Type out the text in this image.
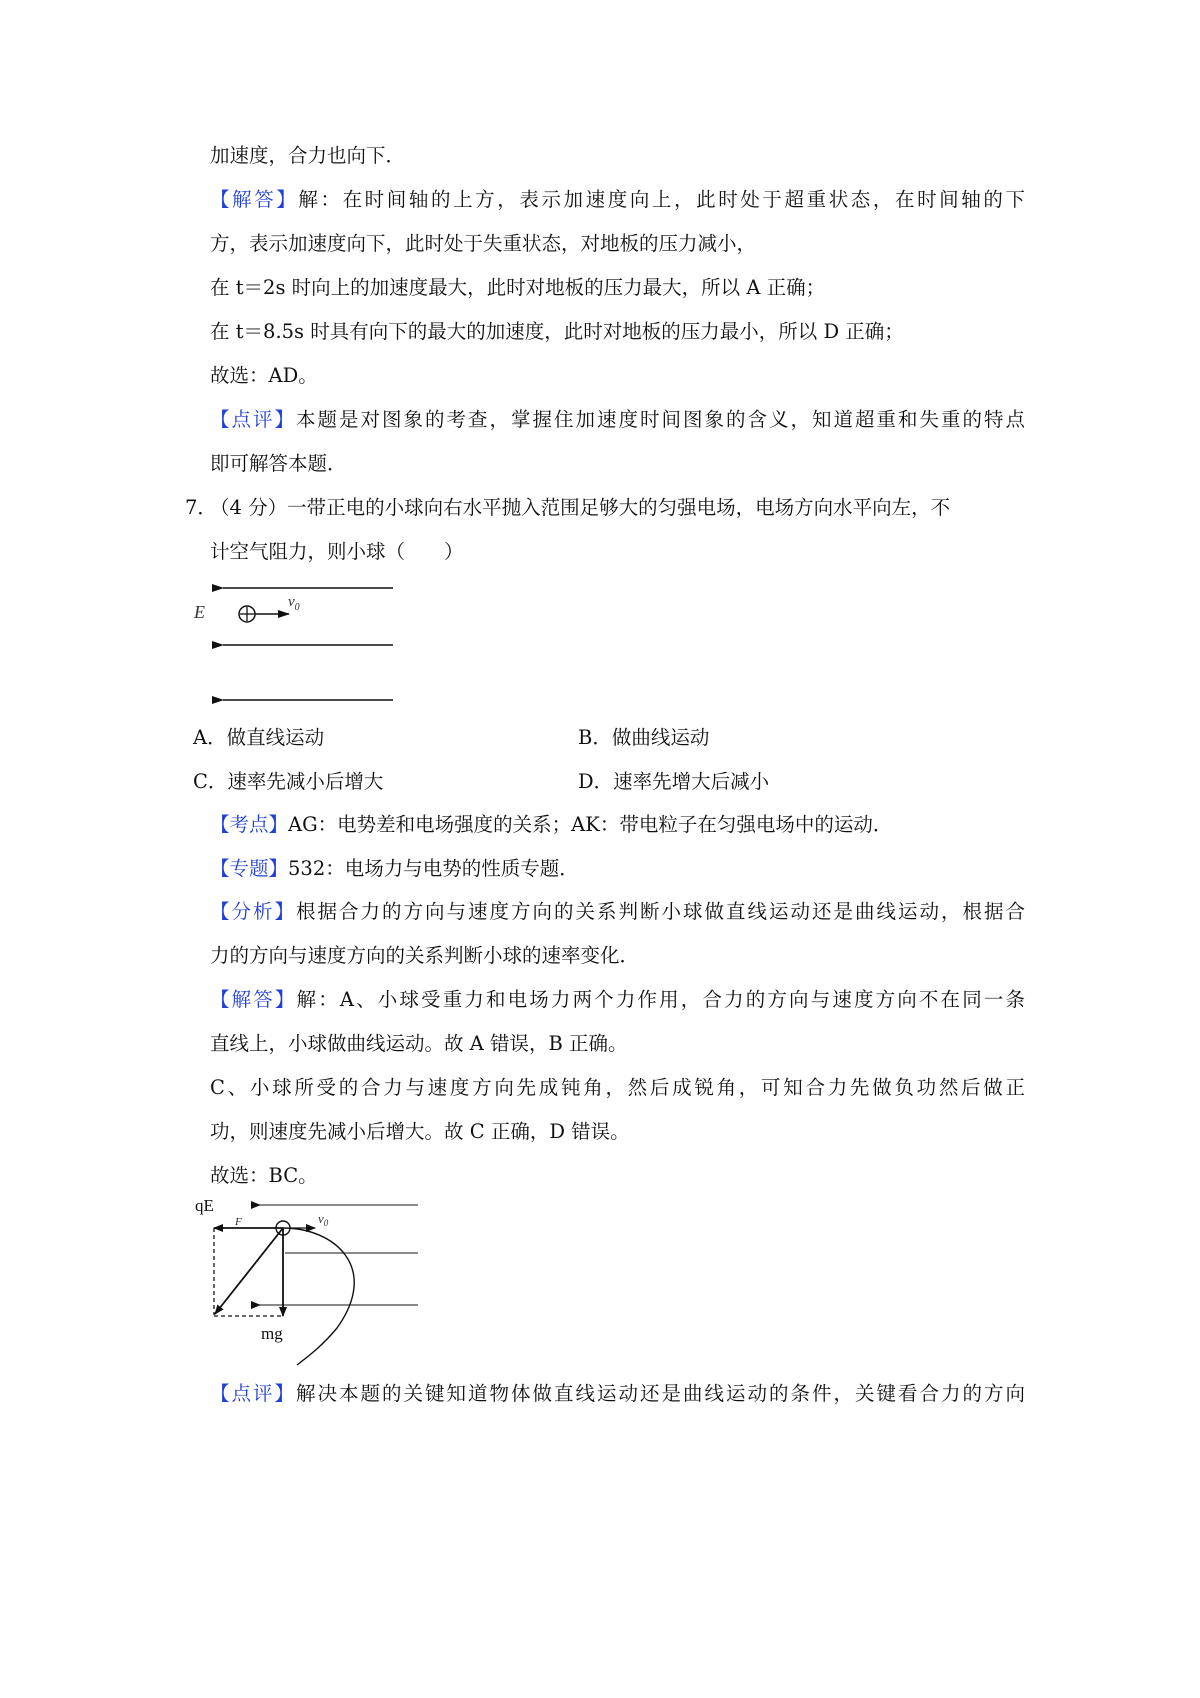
加速度，合力也向下．
【解答】解：在时间轴的上方，表示加速度向上，此时处于超重状态，在时间轴的下
方，表示加速度向下，此时处于失重状态，对地板的压力减小，
在 t＝2s 时向上的加速度最大，此时对地板的压力最大，所以 A 正确；
在 t＝8.5s 时具有向下的最大的加速度，此时对地板的压力最小，所以 D 正确；
故选：AD。
【点评】本题是对图象的考查，掌握住加速度时间图象的含义，知道超重和失重的特点
即可解答本题．
7．
（4 分）一带正电的小球向右水平抛入范围足够大的匀强电场，电场方向水平向左，不
计空气阻力，则小球（　　）
E	$v_0$
A．做直线运动	B．做曲线运动
C．速率先减小后增大	D．速率先增大后减小
【考点】AG：电势差和电场强度的关系；AK：带电粒子在匀强电场中的运动．
【专题】532：电场力与电势的性质专题．
【分析】根据合力的方向与速度方向的关系判断小球做直线运动还是曲线运动，根据合
力的方向与速度方向的关系判断小球的速率变化．
【解答】解：A、小球受重力和电场力两个力作用，合力的方向与速度方向不在同一条
直线上，小球做曲线运动。故 A 错误，B 正确。
C、小球所受的合力与速度方向先成钝角，然后成锐角，可知合力先做负功然后做正
功，则速度先减小后增大。故 C 正确，D 错误。
故选：BC。
qE
F	$v_0$
mg
【点评】解决本题的关键知道物体做直线运动还是曲线运动的条件，关键看合力的方向
